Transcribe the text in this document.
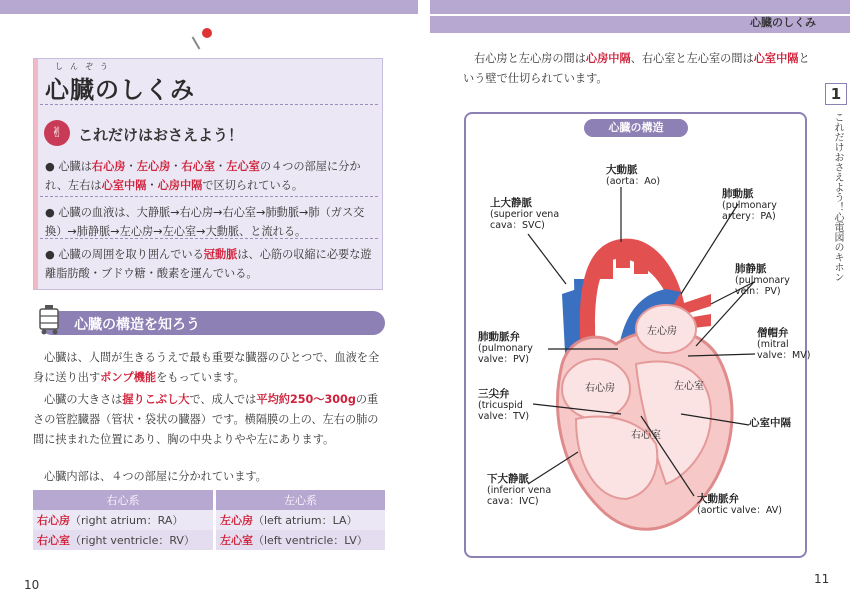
心臓のしくみ
しんぞう
心臓のしくみ
✌	これだけはおさえよう！
● 心臓は右心房・左心房・右心室・左心室の４つの部屋に分かれ、左右は心室中隔・心房中隔で区切られている。
● 心臓の血液は、大静脈→右心房→右心室→肺動脈→肺（ガス交換）→肺静脈→左心房→左心室→大動脈、と流れる。
● 心臓の周囲を取り囲んでいる冠動脈は、心筋の収縮に必要な遊離脂肪酸・ブドウ糖・酸素を運んでいる。
心臓の構造を知ろう
心臓は、人間が生きるうえで最も重要な臓器のひとつで、血液を全身に送り出すポンプ機能をもっています。
心臓の大きさは握りこぶし大で、成人では平均約250〜300gの重さの管腔臓器（管状・袋状の臓器）です。横隔膜の上の、左右の肺の間に挟まれた位置にあり、胸の中央よりやや左にあります。
心臓内部は、４つの部屋に分かれています。
右心系	左心系
右心房（right atrium：RA）	左心房（left atrium：LA）
右心室（right ventricle：RV）	左心室（left ventricle：LV）
10
右心房と左心房の間は心房中隔、右心室と左心室の間は心室中隔という壁で仕切られています。
1
これだけおさえよう！心電図のキホン
心臓の構造
大動脈
(aorta：Ao)
上大静脈
(superior vena
cava：SVC)
肺動脈
(pulmonary
artery：PA)
肺静脈
(pulmonary
vein：PV)
肺動脈弁
(pulmonary
valve：PV)
僧帽弁
(mitral
valve：MV)
三尖弁
(tricuspid
valve：TV)
心室中隔
下大静脈
(inferior vena
cava：IVC)	大動脈弁
(aortic valve：AV)
左心房
右心房	左心室
右心室
11
